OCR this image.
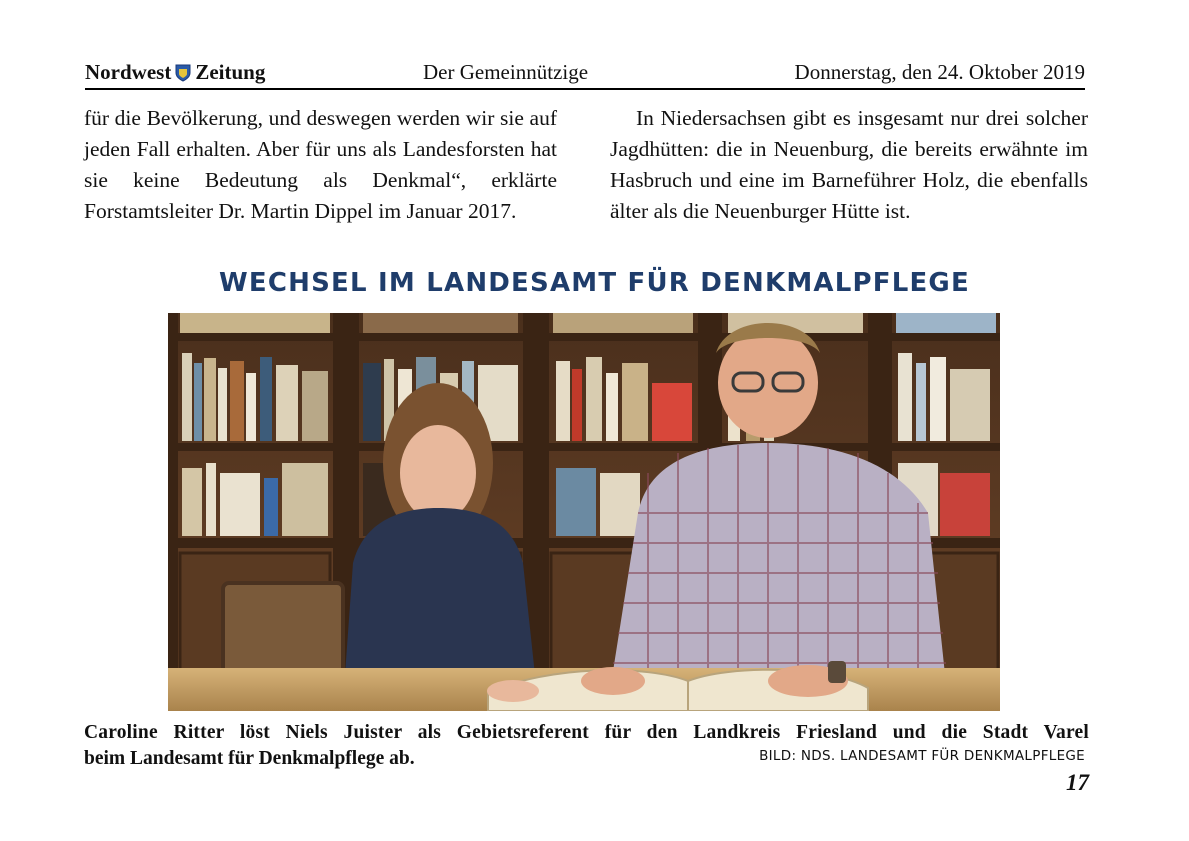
Nordwest Zeitung	Der Gemeinnützige	Donnerstag, den 24. Oktober 2019

für die Bevölkerung, und deswegen werden wir sie auf jeden Fall erhalten. Aber für uns als Landesforsten hat sie keine Bedeutung als Denkmal“, erklärte Forstamtsleiter Dr. Martin Dippel im Januar 2017.

In Niedersachsen gibt es insgesamt nur drei solcher Jagdhütten: die in Neuenburg, die bereits erwähnte im Hasbruch und eine im Barneführer Holz, die ebenfalls älter als die Neuenburger Hütte ist.

WECHSEL IM LANDESAMT FÜR DENKMALPFLEGE
Caroline Ritter löst Niels Juister als Gebietsreferent für den Landkreis Friesland und die Stadt Varel
beim Landesamt für Denkmalpflege ab.	BILD: NDS. LANDESAMT FÜR DENKMALPFLEGE
17
